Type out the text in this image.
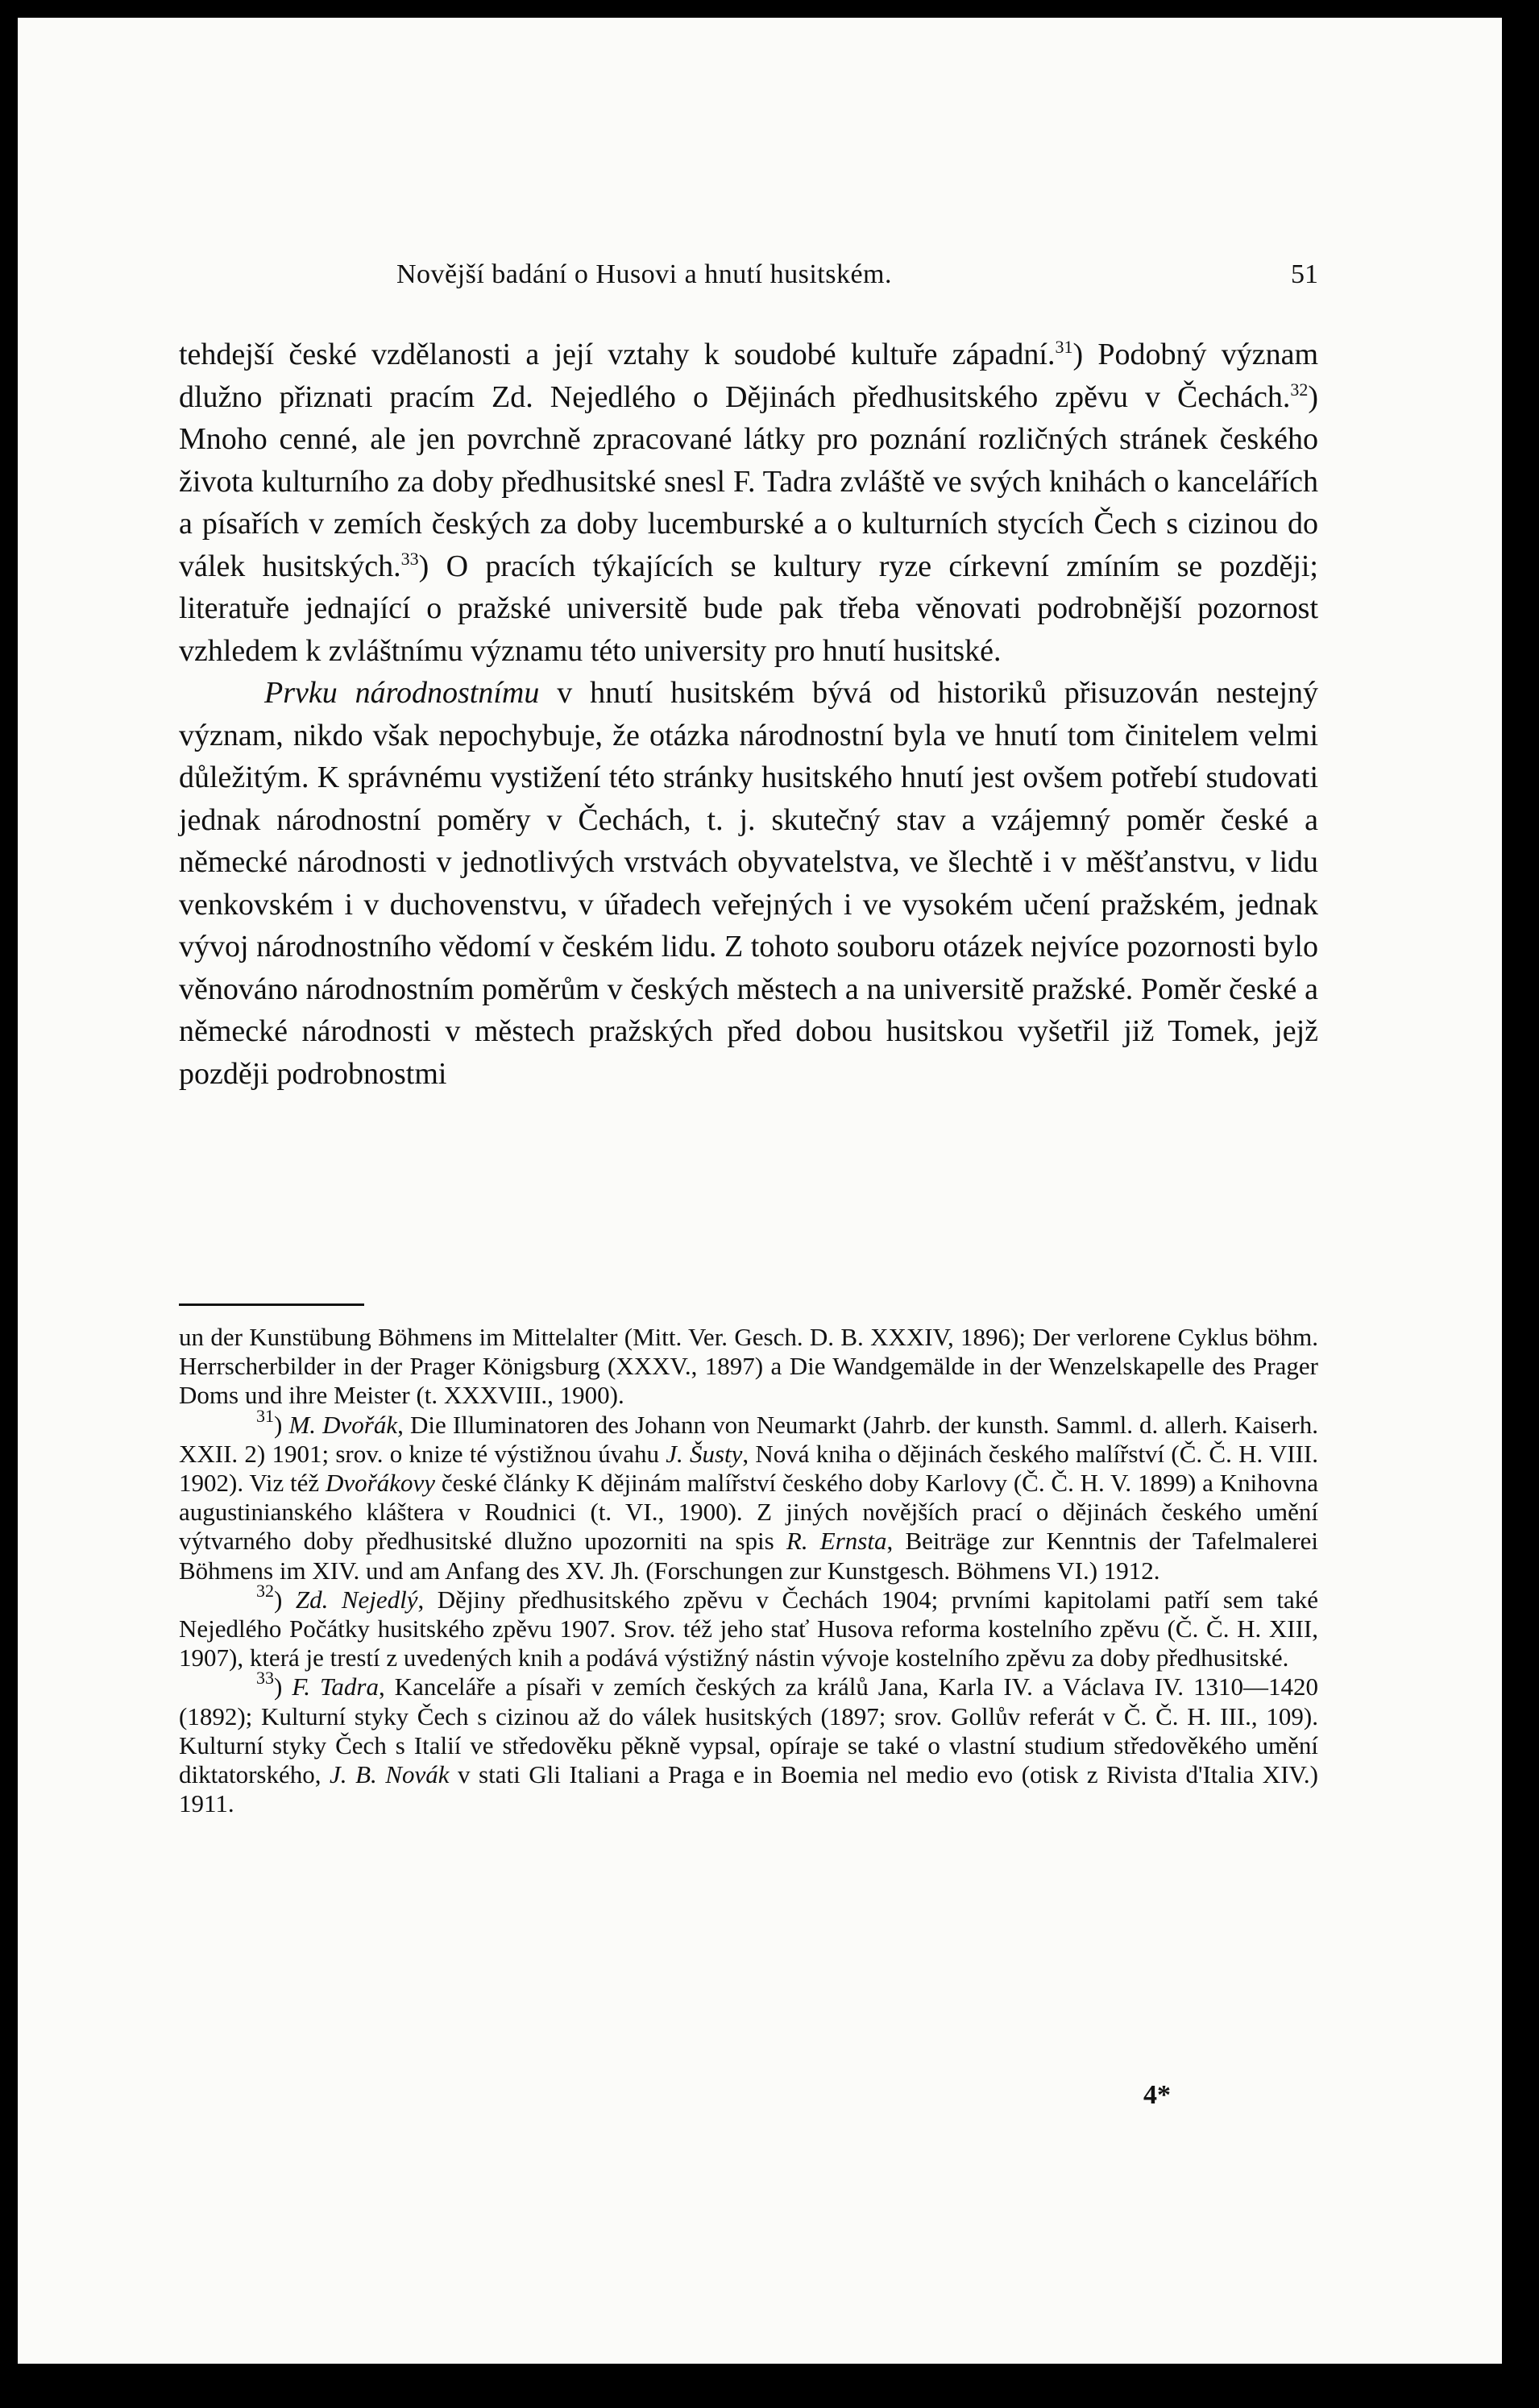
Novější badání o Husovi a hnutí husitském.	51

tehdejší české vzdělanosti a její vztahy k soudobé kultuře západní.$^{31}$) Podobný význam dlužno přiznati pracím Zd. Nejedlého o Dějinách předhusitského zpěvu v Čechách.$^{32}$) Mnoho cenné, ale jen povrchně zpracované látky pro poznání rozličných stránek českého života kulturního za doby předhusitské snesl F. Tadra zvláště ve svých knihách o kancelářích a písařích v zemích českých za doby lucemburské a o kulturních stycích Čech s cizinou do válek husitských.$^{33}$) O pracích týkajících se kultury ryze církevní zmíním se později; literatuře jednající o pražské universitě bude pak třeba věnovati podrobnější pozornost vzhledem k zvláštnímu významu této university pro hnutí husitské.

Prvku národnostnímu v hnutí husitském bývá od historiků přisuzován nestejný význam, nikdo však nepochybuje, že otázka národnostní byla ve hnutí tom činitelem velmi důležitým. K správnému vystižení této stránky husitského hnutí jest ovšem potřebí studovati jednak národnostní poměry v Čechách, t. j. skutečný stav a vzájemný poměr české a německé národnosti v jednotlivých vrstvách obyvatelstva, ve šlechtě i v měšťanstvu, v lidu venkovském i v duchovenstvu, v úřadech veřejných i ve vysokém učení pražském, jednak vývoj národnostního vědomí v českém lidu. Z tohoto souboru otázek nejvíce pozornosti bylo věnováno národnostním poměrům v českých městech a na universitě pražské. Poměr české a německé národnosti v městech pražských před dobou husitskou vyšetřil již Tomek, jejž později podrobnostmi

un der Kunstübung Böhmens im Mittelalter (Mitt. Ver. Gesch. D. B. XXXIV, 1896); Der verlorene Cyklus böhm. Herrscherbilder in der Prager Königsburg (XXXV., 1897) a Die Wandgemälde in der Wenzelskapelle des Prager Doms und ihre Meister (t. XXXVIII., 1900).

$^{31}$) M. Dvořák, Die Illuminatoren des Johann von Neumarkt (Jahrb. der kunsth. Samml. d. allerh. Kaiserh. XXII. 2) 1901; srov. o knize té výstižnou úvahu J. Šusty, Nová kniha o dějinách českého malířství (Č. Č. H. VIII. 1902). Viz též Dvořákovy české články K dějinám malířství českého doby Karlovy (Č. Č. H. V. 1899) a Knihovna augustinianského kláštera v Roudnici (t. VI., 1900). Z jiných novějších prací o dějinách českého umění výtvarného doby předhusitské dlužno upozorniti na spis R. Ernsta, Beiträge zur Kenntnis der Tafelmalerei Böhmens im XIV. und am Anfang des XV. Jh. (Forschungen zur Kunstgesch. Böhmens VI.) 1912.

$^{32}$) Zd. Nejedlý, Dějiny předhusitského zpěvu v Čechách 1904; prvními kapitolami patří sem také Nejedlého Počátky husitského zpěvu 1907. Srov. též jeho stať Husova reforma kostelního zpěvu (Č. Č. H. XIII, 1907), která je trestí z uvedených knih a podává výstižný nástin vývoje kostelního zpěvu za doby předhusitské.

$^{33}$) F. Tadra, Kanceláře a písaři v zemích českých za králů Jana, Karla IV. a Václava IV. 1310—1420 (1892); Kulturní styky Čech s cizinou až do válek husitských (1897; srov. Gollův referát v Č. Č. H. III., 109). Kulturní styky Čech s Italií ve středověku pěkně vypsal, opíraje se také o vlastní studium středověkého umění diktatorského, J. B. Novák v stati Gli Italiani a Praga e in Boemia nel medio evo (otisk z Rivista d'Italia XIV.) 1911.

4*
